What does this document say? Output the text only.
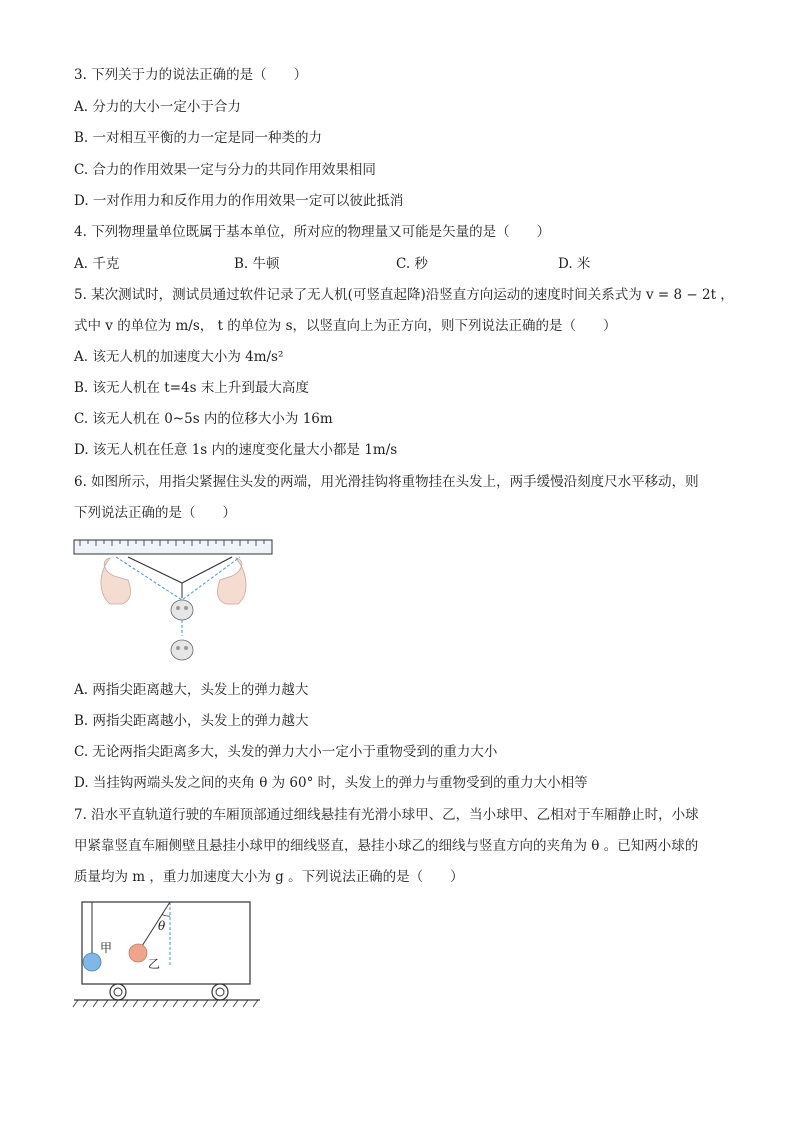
3. 下列关于力的说法正确的是（　　）
A. 分力的大小一定小于合力
B. 一对相互平衡的力一定是同一种类的力
C. 合力的作用效果一定与分力的共同作用效果相同
D. 一对作用力和反作用力的作用效果一定可以彼此抵消
4. 下列物理量单位既属于基本单位，所对应的物理量又可能是矢量的是（　　）
A. 千克	B. 牛顿	C. 秒	D. 米
5. 某次测试时，测试员通过软件记录了无人机(可竖直起降)沿竖直方向运动的速度时间关系式为 v = 8 − 2t ，
式中 v 的单位为 m/s， t 的单位为 s，以竖直向上为正方向，则下列说法正确的是（　　）
A. 该无人机的加速度大小为 4m/s²
B. 该无人机在 t=4s 末上升到最大高度
C. 该无人机在 0~5s 内的位移大小为 16m
D. 该无人机在任意 1s 内的速度变化量大小都是 1m/s
6. 如图所示，用指尖紧握住头发的两端，用光滑挂钩将重物挂在头发上，两手缓慢沿刻度尺水平移动，则
下列说法正确的是（　　）
A. 两指尖距离越大，头发上的弹力越大
B. 两指尖距离越小，头发上的弹力越大
C. 无论两指尖距离多大，头发的弹力大小一定小于重物受到的重力大小
D. 当挂钩两端头发之间的夹角 θ 为 60° 时，头发上的弹力与重物受到的重力大小相等
7. 沿水平直轨道行驶的车厢顶部通过细线悬挂有光滑小球甲、乙，当小球甲、乙相对于车厢静止时，小球
甲紧靠竖直车厢侧壁且悬挂小球甲的细线竖直，悬挂小球乙的细线与竖直方向的夹角为 θ 。已知两小球的
质量均为 m ，重力加速度大小为 g 。下列说法正确的是（　　）
甲
乙
θ
